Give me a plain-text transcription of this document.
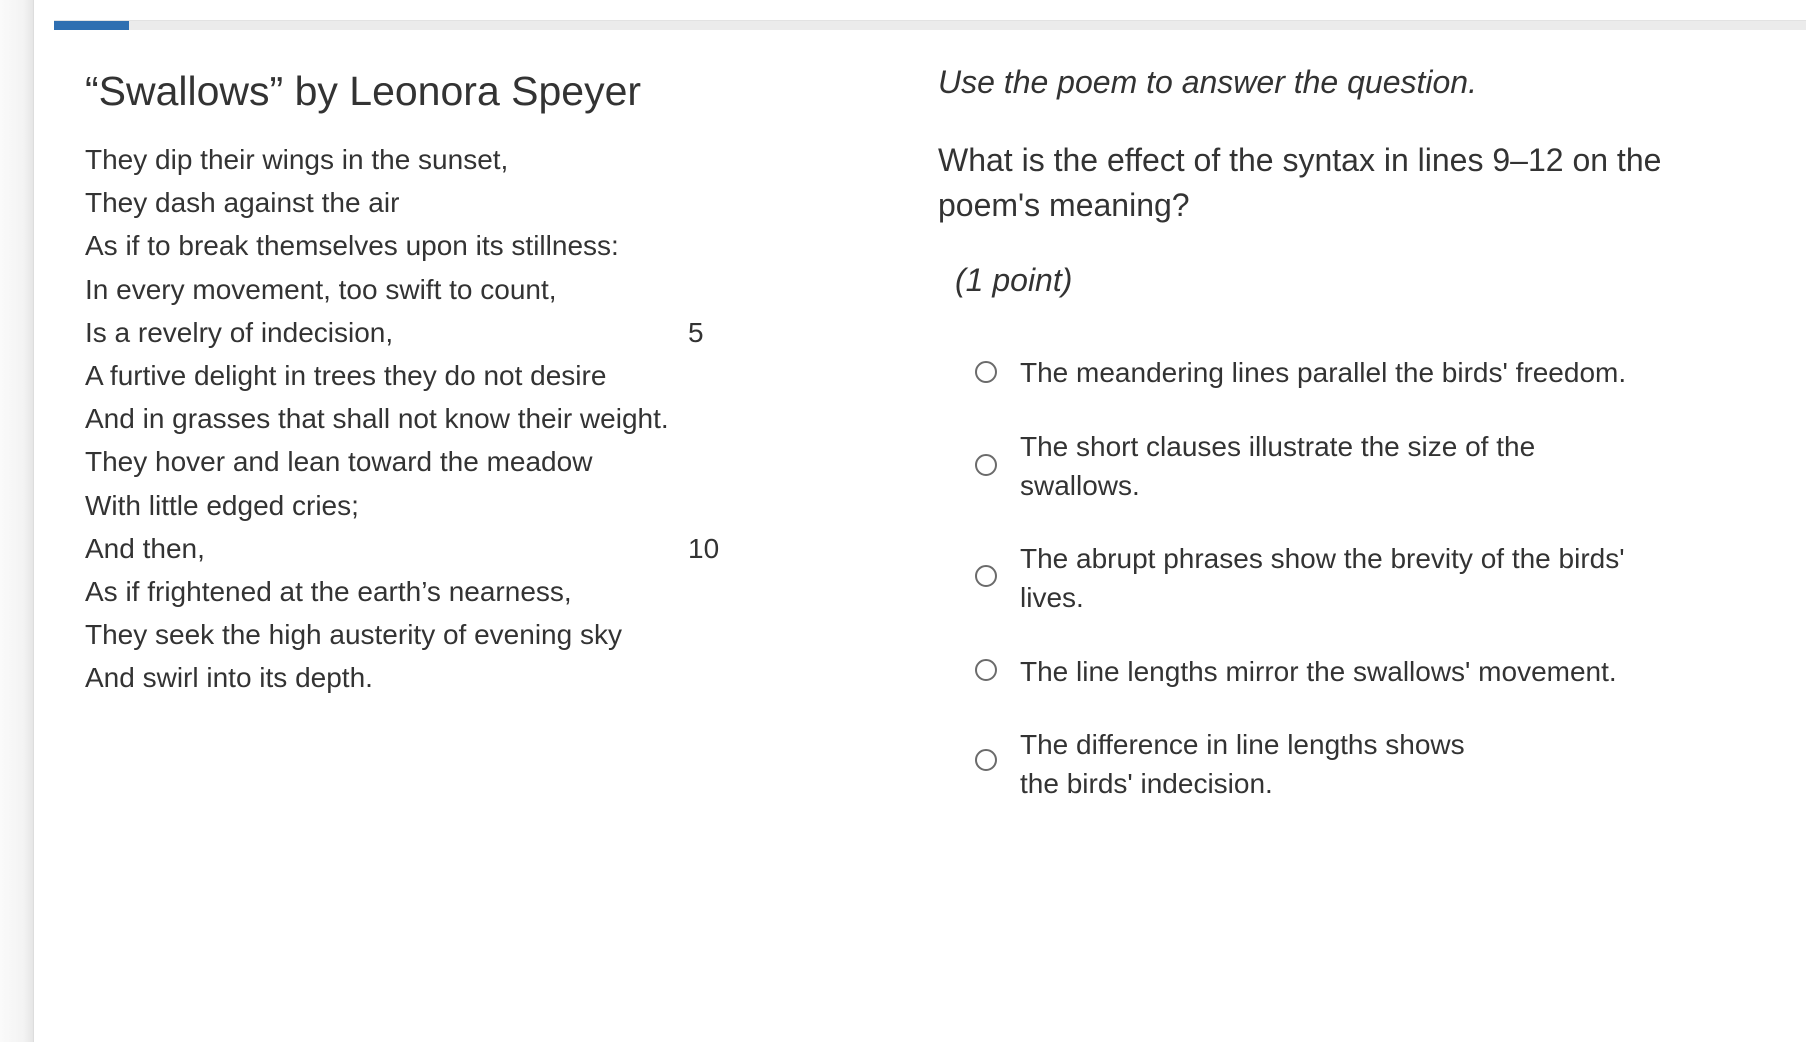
“Swallows” by Leonora Speyer
They dip their wings in the sunset,
They dash against the air
As if to break themselves upon its stillness:
In every movement, too swift to count,
Is a revelry of indecision,	5
A furtive delight in trees they do not desire
And in grasses that shall not know their weight.
They hover and lean toward the meadow
With little edged cries;
And then,	10
As if frightened at the earth’s nearness,
They seek the high austerity of evening sky
And swirl into its depth.
Use the poem to answer the question.
What is the effect of the syntax in lines 9–12 on the poem's meaning?
(1 point)
The meandering lines parallel the birds' freedom.
The short clauses illustrate the size of the swallows.
The abrupt phrases show the brevity of the birds' lives.
The line lengths mirror the swallows' movement.
The difference in line lengths shows the birds' indecision.
